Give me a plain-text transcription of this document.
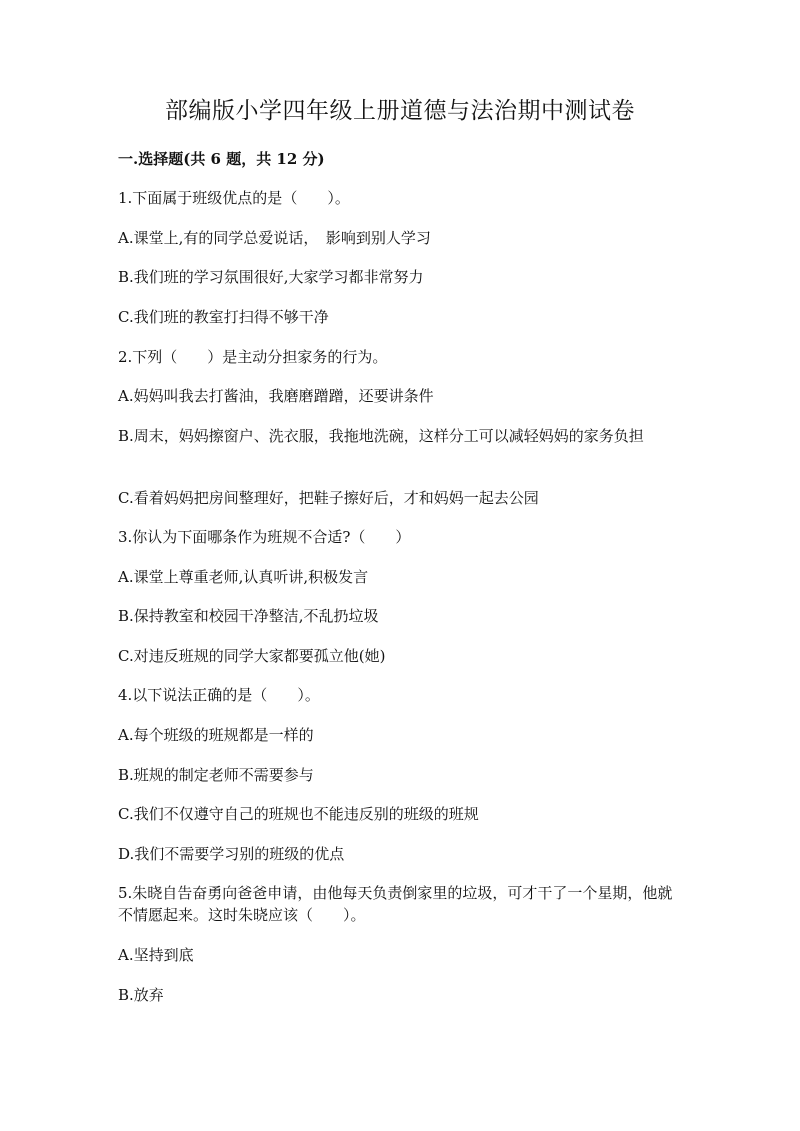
部编版小学四年级上册道德与法治期中测试卷
一.选择题(共 6 题，共 12 分)
1.下面属于班级优点的是（　　）。
A.课堂上,有的同学总爱说话，　影响到别人学习
B.我们班的学习氛围很好,大家学习都非常努力
C.我们班的教室打扫得不够干净
2.下列（　　）是主动分担家务的行为。
A.妈妈叫我去打酱油，我磨磨蹭蹭，还要讲条件
B.周末，妈妈擦窗户、洗衣服，我拖地洗碗，这样分工可以减轻妈妈的家务负担
C.看着妈妈把房间整理好，把鞋子擦好后，才和妈妈一起去公园
3.你认为下面哪条作为班规不合适?（　　）
A.课堂上尊重老师,认真听讲,积极发言
B.保持教室和校园干净整洁,不乱扔垃圾
C.对违反班规的同学大家都要孤立他(她)
4.以下说法正确的是（　　）。
A.每个班级的班规都是一样的
B.班规的制定老师不需要参与
C.我们不仅遵守自己的班规也不能违反别的班级的班规
D.我们不需要学习别的班级的优点
5.朱晓自告奋勇向爸爸申请，由他每天负责倒家里的垃圾，可才干了一个星期，他就不情愿起来。这时朱晓应该（　　）。
A.坚持到底
B.放弃
